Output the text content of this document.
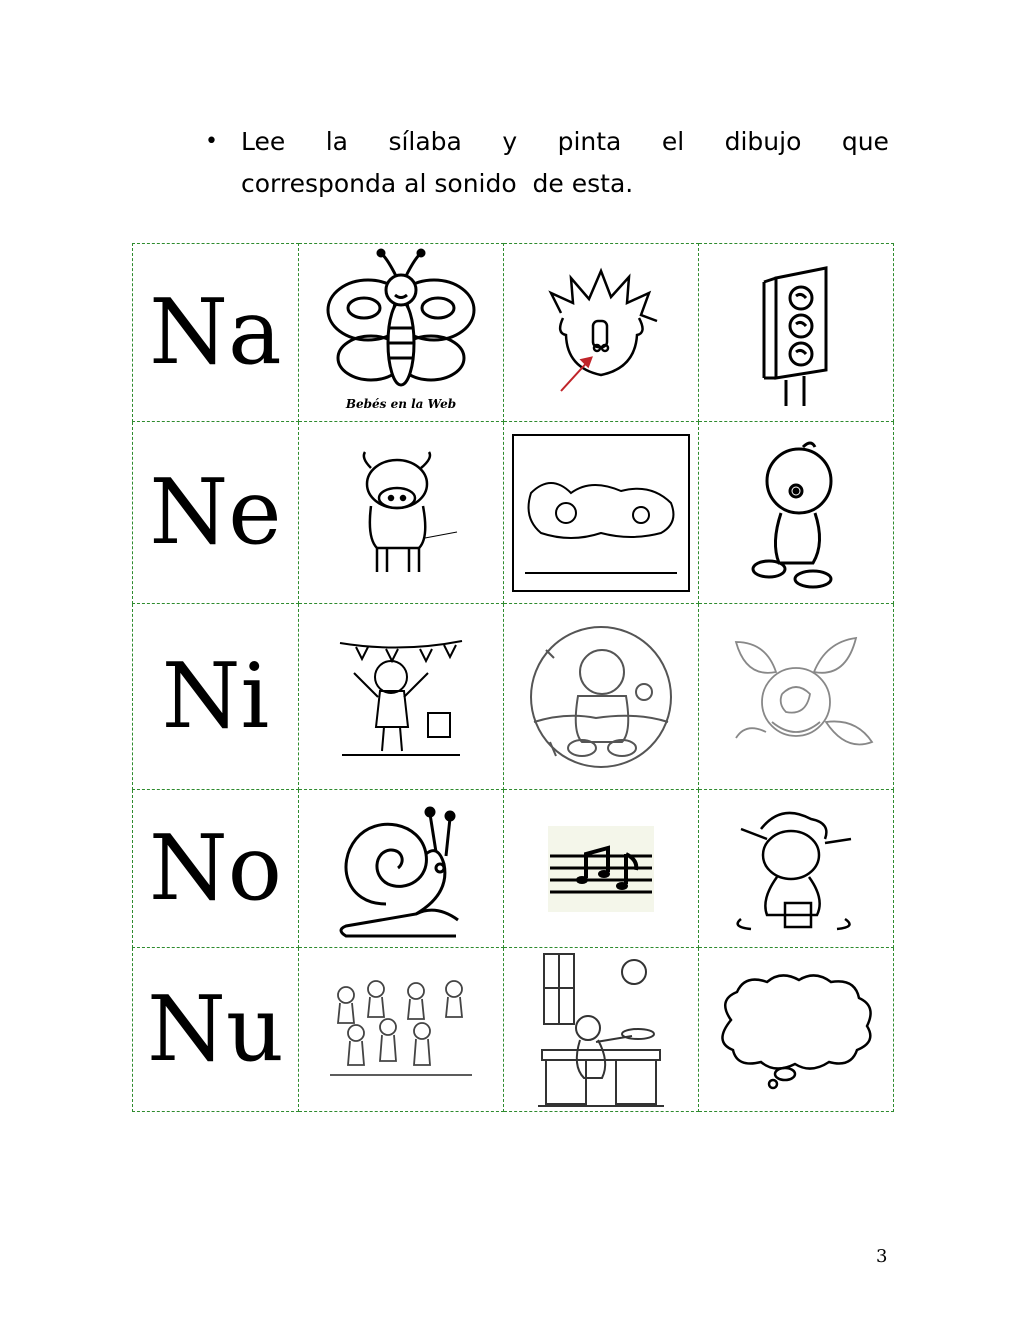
• Lee la sílaba y pinta el dibujo que
corresponda al sonido  de esta.
Na	Bebés en la Web

Ne	

Ni	

No	

Nu	

3
